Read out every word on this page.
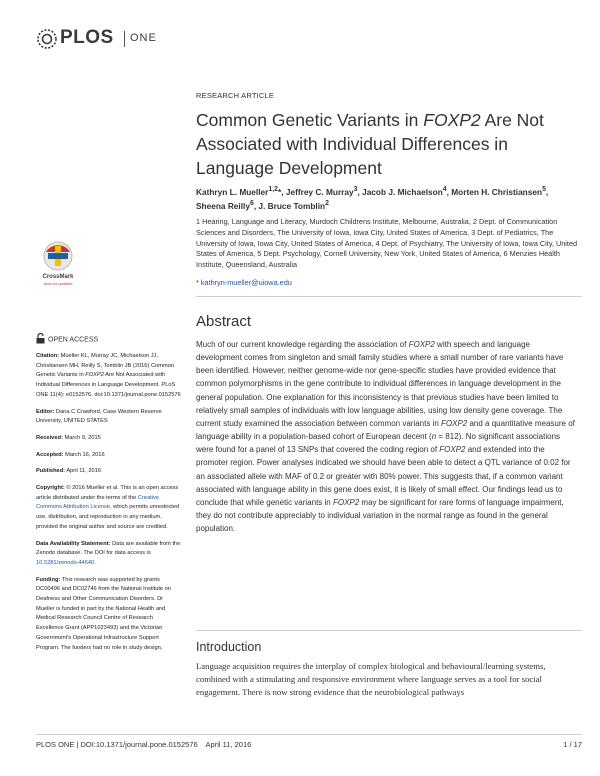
PLOS ONE
RESEARCH ARTICLE
Common Genetic Variants in FOXP2 Are Not Associated with Individual Differences in Language Development
Kathryn L. Mueller$^{1,2}$*, Jeffrey C. Murray$^3$, Jacob J. Michaelson$^4$, Morten H. Christiansen$^5$,
Sheena Reilly$^6$, J. Bruce Tomblin$^2$
1 Hearing, Language and Literacy, Murdoch Childrens Institute, Melbourne, Australia, 2 Dept. of Communication Sciences and Disorders, The University of Iowa, Iowa City, United States of America, 3 Dept. of Pediatrics, The University of Iowa, Iowa City, United States of America, 4 Dept. of Psychiatry, The University of Iowa, Iowa City, United States of America, 5 Dept. Psychology, Cornell University, New York, United States of America, 6 Menzies Health Institute, Queensland, Australia
* kathryn-mueller@uiowa.edu
Abstract
Much of our current knowledge regarding the association of FOXP2 with speech and language development comes from singleton and small family studies where a small number of rare variants have been identified. However, neither genome-wide nor gene-specific studies have provided evidence that common polymorphisms in the gene contribute to individual differences in language development in the general population. One explanation for this inconsistency is that previous studies have been limited to relatively small samples of individuals with low language abilities, using low density gene coverage. The current study examined the association between common variants in FOXP2 and a quantitative measure of language ability in a population-based cohort of European decent (n = 812). No significant associations were found for a panel of 13 SNPs that covered the coding region of FOXP2 and extended into the promoter region. Power analyses indicated we should have been able to detect a QTL variance of 0.02 for an associated allele with MAF of 0.2 or greater with 80% power. This suggests that, if a common variant associated with language ability in this gene does exist, it is likely of small effect. Our findings lead us to conclude that while genetic variants in FOXP2 may be significant for rare forms of language impairment, they do not contribute appreciably to individual variation in the normal range as found in the general population.
Introduction
Language acquisition requires the interplay of complex biological and behavioural/learning systems, combined with a stimulating and responsive environment where language serves as a tool for social engagement. There is now strong evidence that the neurobiological pathways
CrossMark
click for updates
OPEN ACCESS

Citation: Mueller KL, Murray JC, Michaelson JJ, Christiansen MH, Reilly S, Tomblin JB (2016) Common Genetic Variants in FOXP2 Are Not Associated with Individual Differences in Language Development. PLoS ONE 11(4): e0152576. doi:10.1371/journal.pone.0152576

Editor: Dana C Crawford, Case Western Reserve University, UNITED STATES

Received: March 9, 2015

Accepted: March 16, 2016

Published: April 11, 2016

Copyright: © 2016 Mueller et al. This is an open access article distributed under the terms of the Creative Commons Attribution License, which permits unrestricted use, distribution, and reproduction in any medium, provided the original author and source are credited.

Data Availability Statement: Data are available from the Zenodo database. The DOI for data access is 10.5281/zenodo.44640.

Funding: This research was supported by grants DC00496 and DC02746 from the National Institute on Deafness and Other Communication Disorders. Dr Mueller is funded in part by the National Health and Medical Research Council Centre of Research Excellence Grant (APP1023493) and the Victorian Government's Operational Infrastructure Support Program. The funders had no role in study design,

PLOS ONE | DOI:10.1371/journal.pone.0152576    April 11, 2016	1 / 17
